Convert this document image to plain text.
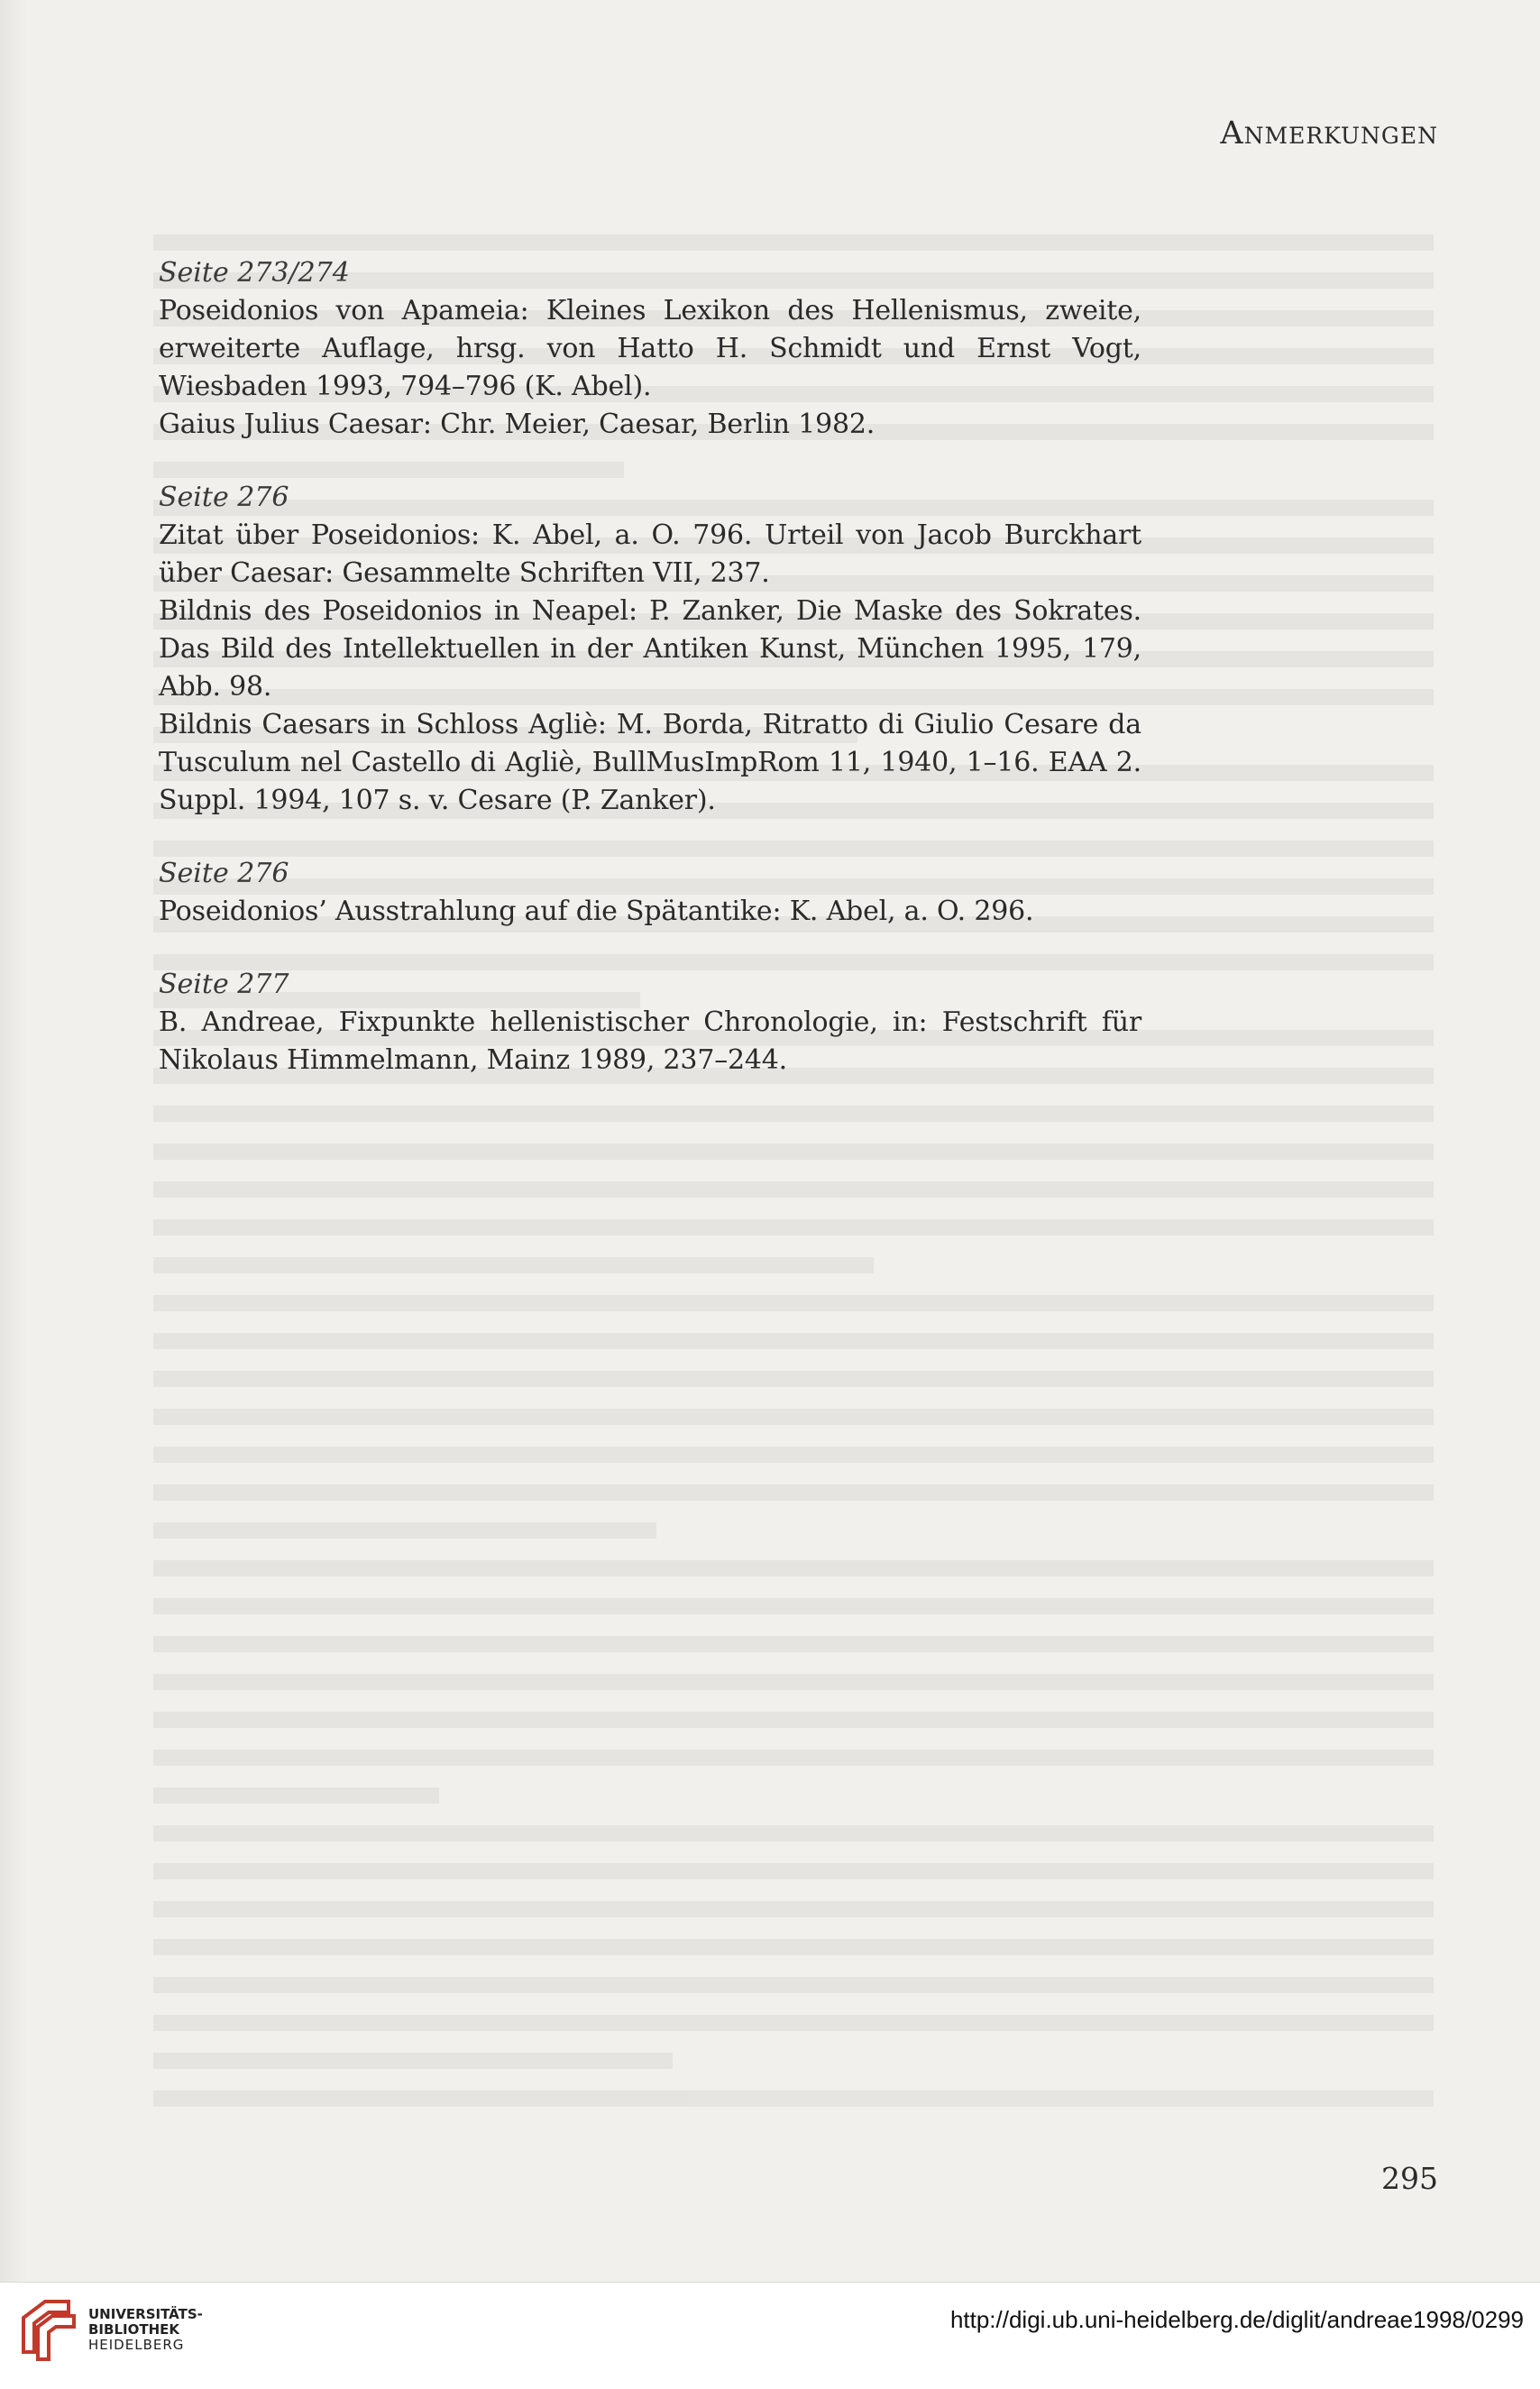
Anmerkungen
Seite 273/274
Poseidonios von Apameia: Kleines Lexikon des Hellenismus, zweite, erweiterte Auflage, hrsg. von Hatto H. Schmidt und Ernst Vogt, Wiesbaden 1993, 794–796 (K. Abel).
Gaius Julius Caesar: Chr. Meier, Caesar, Berlin 1982.
Seite 276
Zitat über Poseidonios: K. Abel, a. O. 796. Urteil von Jacob Burckhart über Caesar: Gesammelte Schriften VII, 237.
Bildnis des Poseidonios in Neapel: P. Zanker, Die Maske des Sokrates. Das Bild des Intellektuellen in der Antiken Kunst, München 1995, 179, Abb. 98.
Bildnis Caesars in Schloss Agliè: M. Borda, Ritratto di Giulio Cesare da Tusculum nel Castello di Agliè, BullMusImpRom 11, 1940, 1–16. EAA 2. Suppl. 1994, 107 s. v. Cesare (P. Zanker).
Seite 276
Poseidonios’ Ausstrahlung auf die Spätantike: K. Abel, a. O. 296.
Seite 277
B. Andreae, Fixpunkte hellenistischer Chronologie, in: Festschrift für Nikolaus Himmelmann, Mainz 1989, 237–244.
295
UNIVERSITÄTS-
BIBLIOTHEK
HEIDELBERG
http://digi.ub.uni-heidelberg.de/diglit/andreae1998/0299
